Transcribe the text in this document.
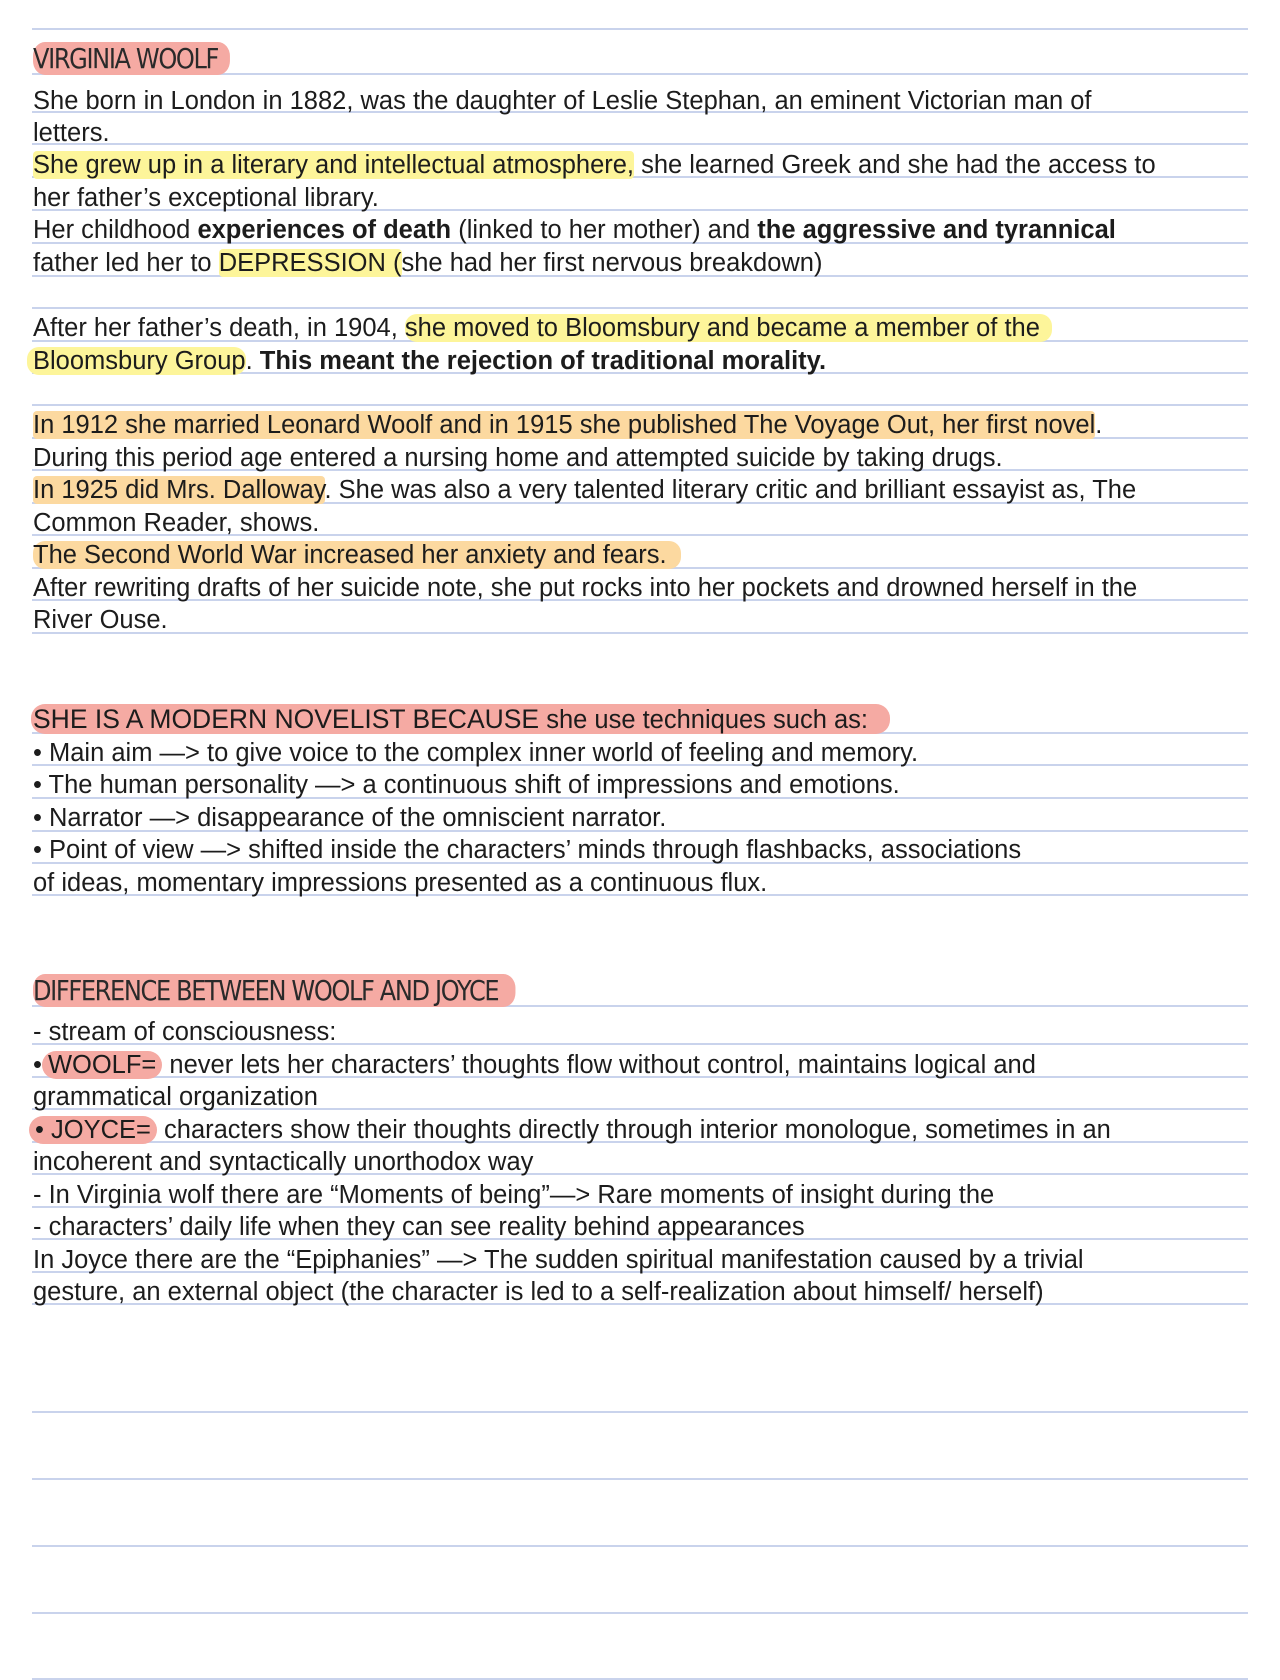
VIRGINIA WOOLF
She born in London in 1882, was the daughter of Leslie Stephan, an eminent Victorian man of
letters.
She grew up in a literary and intellectual atmosphere, she learned Greek and she had the access to
her father’s exceptional library.
Her childhood experiences of death (linked to her mother) and the aggressive and tyrannical
father led her to DEPRESSION (she had her first nervous breakdown)
After her father’s death, in 1904, she moved to Bloomsbury and became a member of the
Bloomsbury Group. This meant the rejection of traditional morality.
In 1912 she married Leonard Woolf and in 1915 she published The Voyage Out, her first novel.
During this period age entered a nursing home and attempted suicide by taking drugs.
In 1925 did Mrs. Dalloway. She was also a very talented literary critic and brilliant essayist as, The
Common Reader, shows.
The Second World War increased her anxiety and fears.
After rewriting drafts of her suicide note, she put rocks into her pockets and drowned herself in the
River Ouse.
SHE IS A MODERN NOVELIST BECAUSE she use techniques such as:
• Main aim —> to give voice to the complex inner world of feeling and memory.
• The human personality —> a continuous shift of impressions and emotions.
• Narrator —> disappearance of the omniscient narrator.
• Point of view —> shifted inside the characters’ minds through flashbacks, associations
of ideas, momentary impressions presented as a continuous flux.
DIFFERENCE BETWEEN WOOLF AND JOYCE
- stream of consciousness:
• WOOLF= never lets her characters’ thoughts flow without control, maintains logical and
grammatical organization
• JOYCE= characters show their thoughts directly through interior monologue, sometimes in an
incoherent and syntactically unorthodox way
- In Virginia wolf there are “Moments of being”—> Rare moments of insight during the
- characters’ daily life when they can see reality behind appearances
In Joyce there are the “Epiphanies” —> The sudden spiritual manifestation caused by a trivial
gesture, an external object (the character is led to a self-realization about himself/ herself)
